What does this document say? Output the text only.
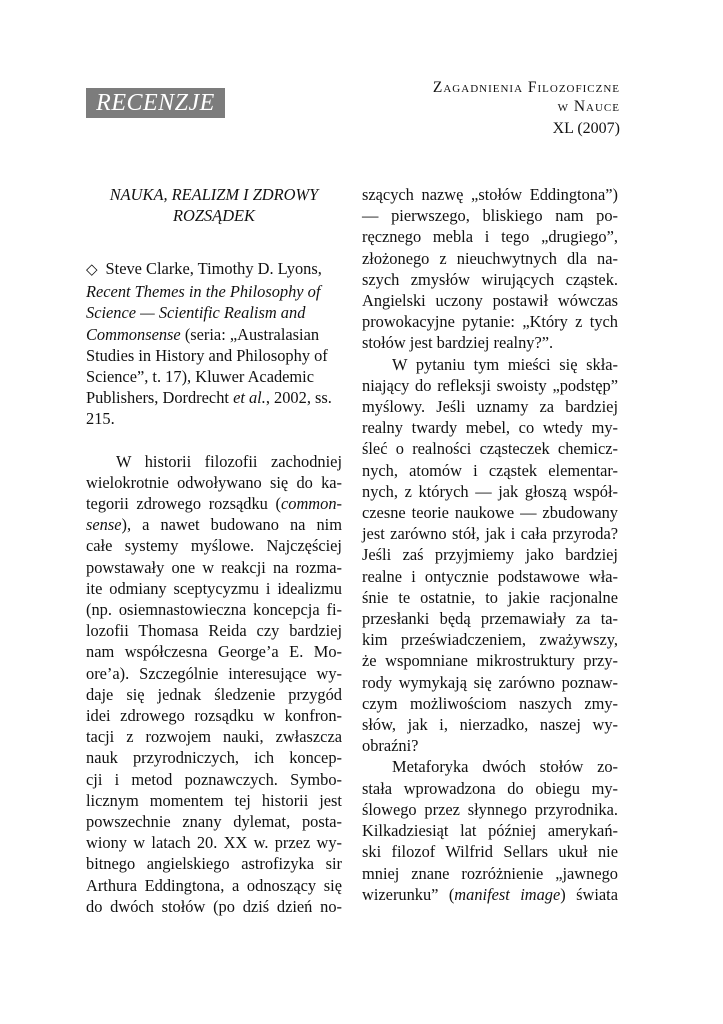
RECENZJE
Zagadnienia Filozoficzne
w Nauce
XL (2007)
NAUKA, REALIZM I ZDROWY
ROZSĄDEK
◇ Steve Clarke, Timothy D. Lyons, Recent Themes in the Philosophy of Science — Scientific Realism and Commonsense (seria: „Australasian Studies in History and Philosophy of Science”, t. 17), Kluwer Academic Publishers, Dordrecht et al., 2002, ss. 215.
W historii filozofii zachodniej
wielokrotnie odwoływano się do ka-
tegorii zdrowego rozsądku (common-
sense), a nawet budowano na nim
całe systemy myślowe. Najczęściej
powstawały one w reakcji na rozma-
ite odmiany sceptycyzmu i idealizmu
(np. osiemnastowieczna koncepcja fi-
lozofii Thomasa Reida czy bardziej
nam współczesna George’a E. Mo-
ore’a). Szczególnie interesujące wy-
daje się jednak śledzenie przygód
idei zdrowego rozsądku w konfron-
tacji z rozwojem nauki, zwłaszcza
nauk przyrodniczych, ich koncep-
cji i metod poznawczych. Symbo-
licznym momentem tej historii jest
powszechnie znany dylemat, posta-
wiony w latach 20. XX w. przez wy-
bitnego angielskiego astrofizyka sir
Arthura Eddingtona, a odnoszący się
do dwóch stołów (po dziś dzień no-
szących nazwę „stołów Eddingtona”)
— pierwszego, bliskiego nam po-
ręcznego mebla i tego „drugiego”,
złożonego z nieuchwytnych dla na-
szych zmysłów wirujących cząstek.
Angielski uczony postawił wówczas
prowokacyjne pytanie: „Który z tych
stołów jest bardziej realny?”.
W pytaniu tym mieści się skła-
niający do refleksji swoisty „podstęp”
myślowy. Jeśli uznamy za bardziej
realny twardy mebel, co wtedy my-
śleć o realności cząsteczek chemicz-
nych, atomów i cząstek elementar-
nych, z których — jak głoszą współ-
czesne teorie naukowe — zbudowany
jest zarówno stół, jak i cała przyroda?
Jeśli zaś przyjmiemy jako bardziej
realne i ontycznie podstawowe wła-
śnie te ostatnie, to jakie racjonalne
przesłanki będą przemawiały za ta-
kim przeświadczeniem, zważywszy,
że wspomniane mikrostruktury przy-
rody wymykają się zarówno poznaw-
czym możliwościom naszych zmy-
słów, jak i, nierzadko, naszej wy-
obraźni?
Metaforyka dwóch stołów zo-
stała wprowadzona do obiegu my-
ślowego przez słynnego przyrodnika.
Kilkadziesiąt lat później amerykań-
ski filozof Wilfrid Sellars ukuł nie
mniej znane rozróżnienie „jawnego
wizerunku” (manifest image) świata
